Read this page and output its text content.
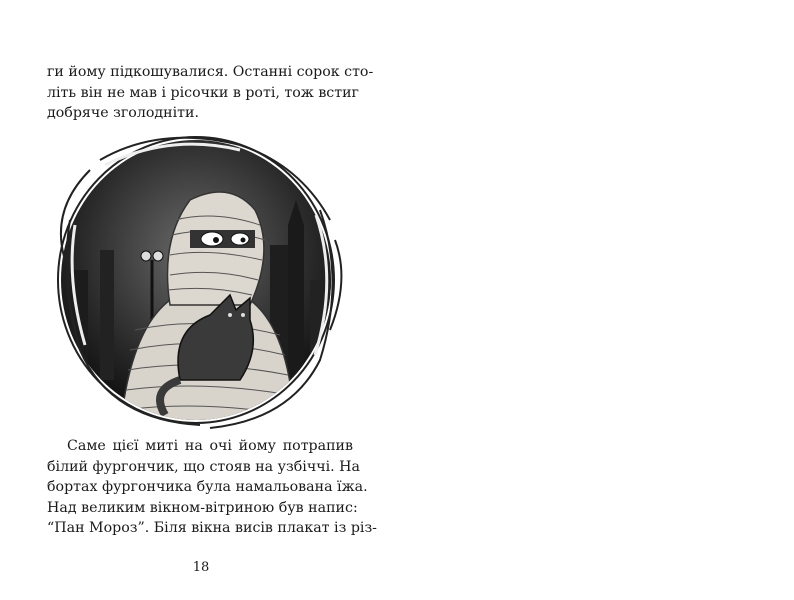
ги йому підкошувалися. Останні сорок сто-
літь він не мав і рісочки в роті, тож встиг
добряче зголодніти.
Саме цієї миті на очі йому потрапив
білий фургончик, що стояв на узбіччі. На
бортах фургончика була намальована їжа.
Над великим вікном-вітриною був напис:
“Пан Мороз”. Біля вікна висів плакат із різ-
18
